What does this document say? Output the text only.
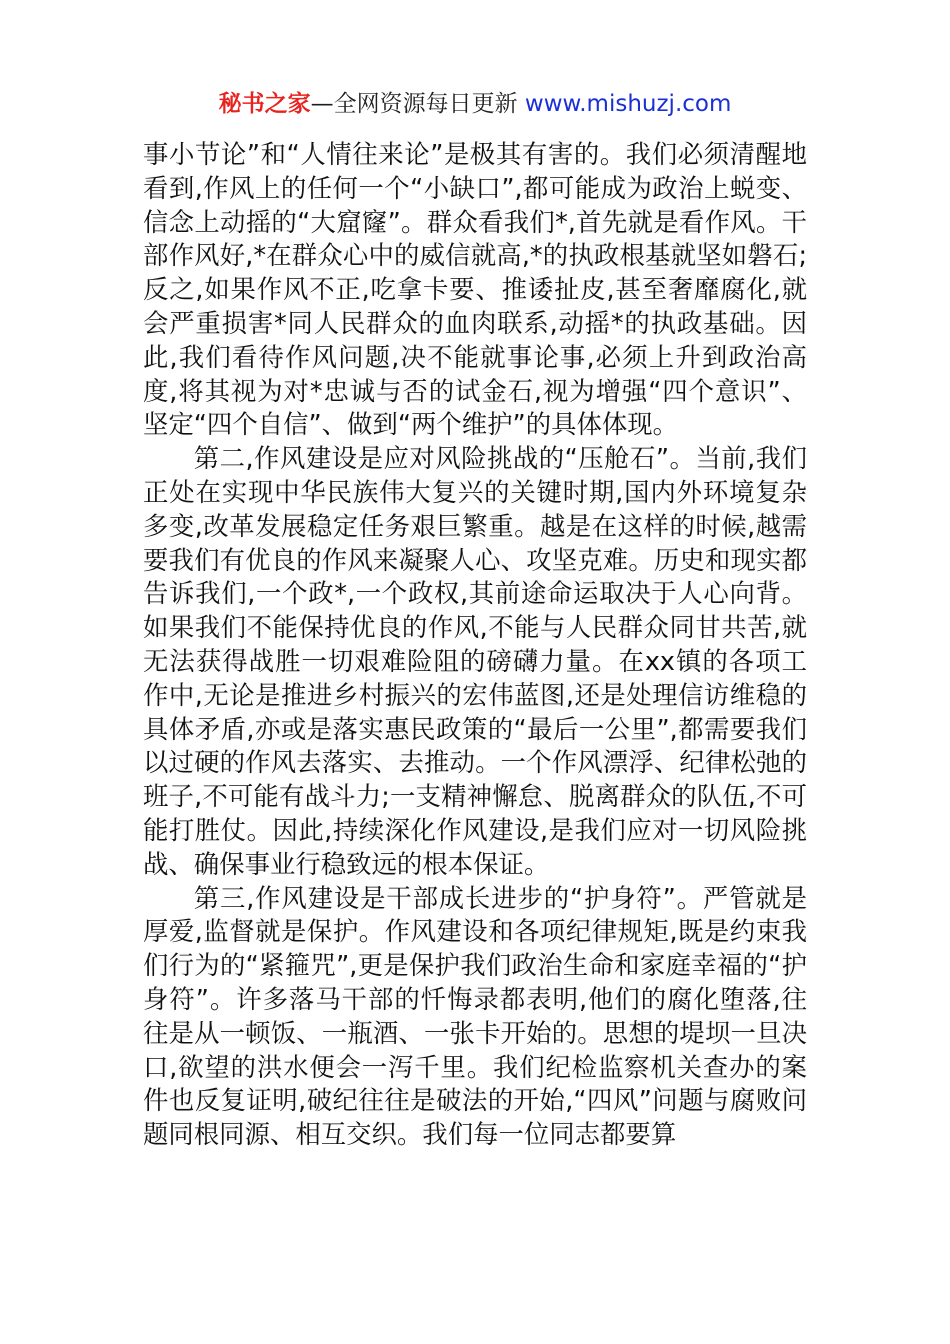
秘书之家—全网资源每日更新 www.mishuzj.com

事小节论”和“人情往来论”是极其有害的。我们必须清醒地看到,作风上的任何一个“小缺口”,都可能成为政治上蜕变、信念上动摇的“大窟窿”。群众看我们*,首先就是看作风。干部作风好,*在群众心中的威信就高,*的执政根基就坚如磐石;反之,如果作风不正,吃拿卡要、推诿扯皮,甚至奢靡腐化,就会严重损害*同人民群众的血肉联系,动摇*的执政基础。因此,我们看待作风问题,决不能就事论事,必须上升到政治高度,将其视为对*忠诚与否的试金石,视为增强“四个意识”、坚定“四个自信”、做到“两个维护”的具体体现。

第二,作风建设是应对风险挑战的“压舱石”。当前,我们正处在实现中华民族伟大复兴的关键时期,国内外环境复杂多变,改革发展稳定任务艰巨繁重。越是在这样的时候,越需要我们有优良的作风来凝聚人心、攻坚克难。历史和现实都告诉我们,一个政*,一个政权,其前途命运取决于人心向背。如果我们不能保持优良的作风,不能与人民群众同甘共苦,就无法获得战胜一切艰难险阻的磅礴力量。在xx镇的各项工作中,无论是推进乡村振兴的宏伟蓝图,还是处理信访维稳的具体矛盾,亦或是落实惠民政策的“最后一公里”,都需要我们以过硬的作风去落实、去推动。一个作风漂浮、纪律松弛的班子,不可能有战斗力;一支精神懈怠、脱离群众的队伍,不可能打胜仗。因此,持续深化作风建设,是我们应对一切风险挑战、确保事业行稳致远的根本保证。

第三,作风建设是干部成长进步的“护身符”。严管就是厚爱,监督就是保护。作风建设和各项纪律规矩,既是约束我们行为的“紧箍咒”,更是保护我们政治生命和家庭幸福的“护身符”。许多落马干部的忏悔录都表明,他们的腐化堕落,往往是从一顿饭、一瓶酒、一张卡开始的。思想的堤坝一旦决口,欲望的洪水便会一泻千里。我们纪检监察机关查办的案件也反复证明,破纪往往是破法的开始,“四风”问题与腐败问题同根同源、相互交织。我们每一位同志都要算
